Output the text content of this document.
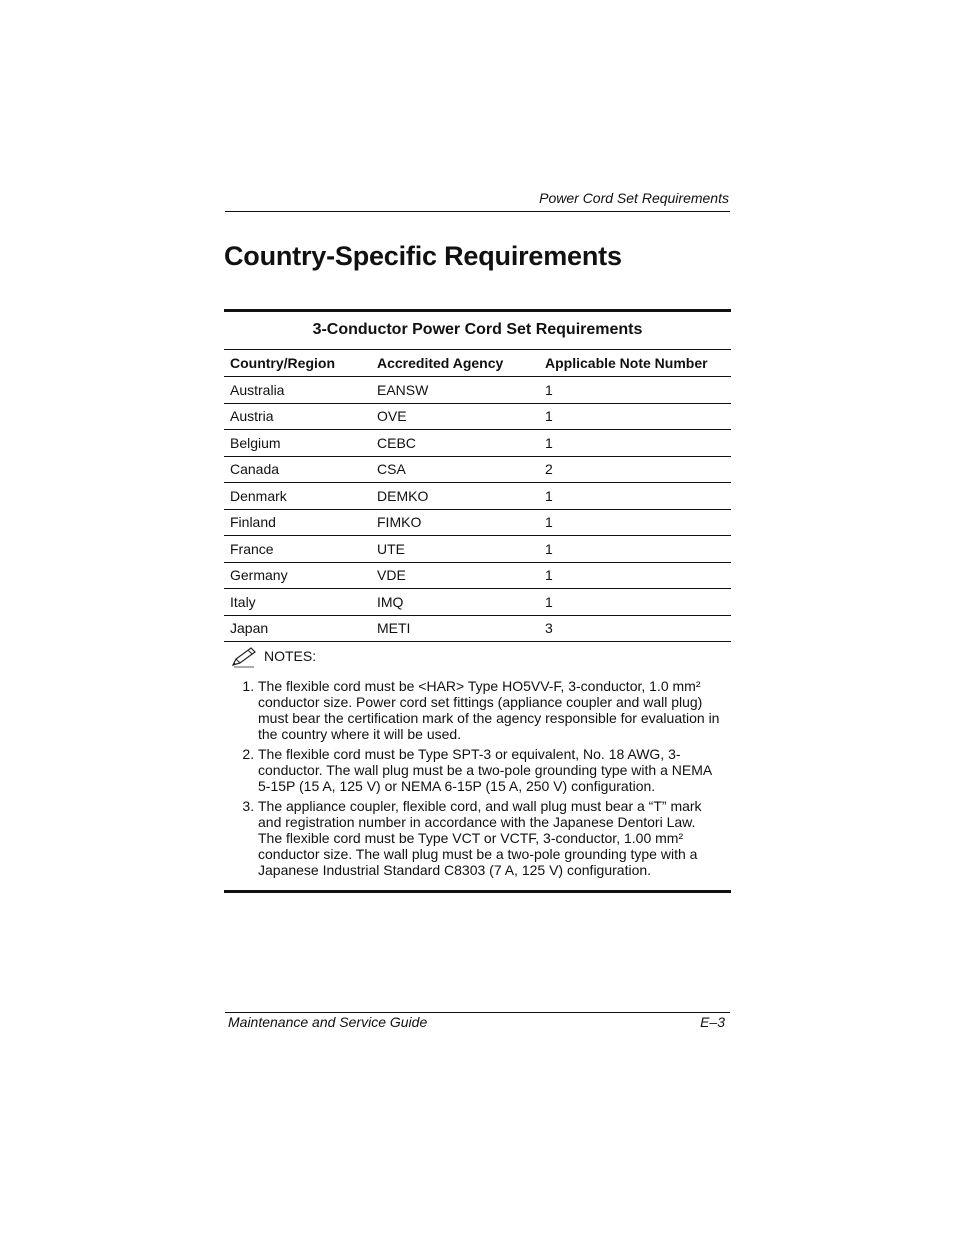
Power Cord Set Requirements
Country-Specific Requirements
3-Conductor Power Cord Set Requirements
Country/Region	Accredited Agency	Applicable Note Number
Australia	EANSW	1
Austria	OVE	1
Belgium	CEBC	1
Canada	CSA	2
Denmark	DEMKO	1
Finland	FIMKO	1
France	UTE	1
Germany	VDE	1
Italy	IMQ	1
Japan	METI	3
NOTES:
1. The flexible cord must be <HAR> Type HO5VV-F, 3-conductor, 1.0 mm² conductor size. Power cord set fittings (appliance coupler and wall plug) must bear the certification mark of the agency responsible for evaluation in the country where it will be used.
2. The flexible cord must be Type SPT-3 or equivalent, No. 18 AWG, 3-conductor. The wall plug must be a two-pole grounding type with a NEMA 5-15P (15 A, 125 V) or NEMA 6-15P (15 A, 250 V) configuration.
3. The appliance coupler, flexible cord, and wall plug must bear a “T” mark and registration number in accordance with the Japanese Dentori Law. The flexible cord must be Type VCT or VCTF, 3-conductor, 1.00 mm² conductor size. The wall plug must be a two-pole grounding type with a Japanese Industrial Standard C8303 (7 A, 125 V) configuration.
Maintenance and Service Guide	E–3
